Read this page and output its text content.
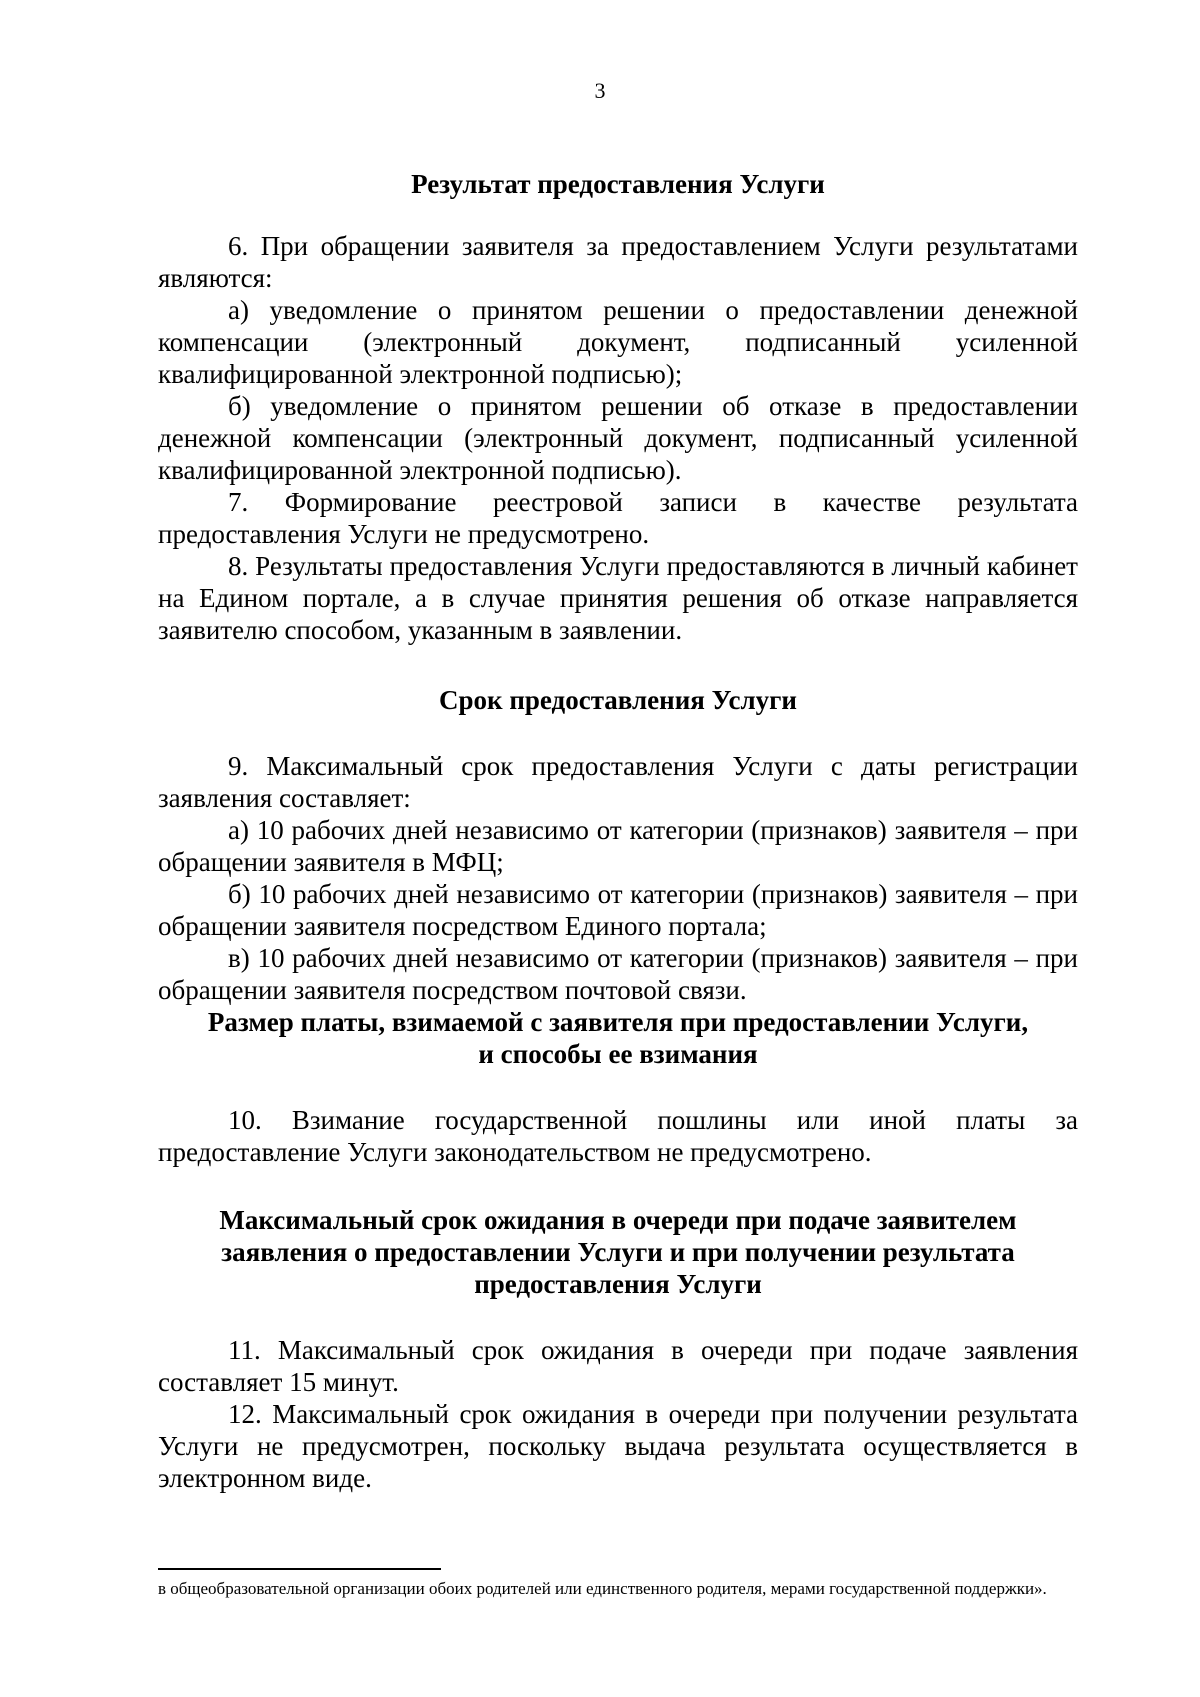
3
Результат предоставления Услуги

6. При обращении заявителя за предоставлением Услуги результатами являются:

а) уведомление о принятом решении о предоставлении денежной компенсации (электронный документ, подписанный усиленной квалифицированной электронной подписью);

б) уведомление о принятом решении об отказе в предоставлении денежной компенсации (электронный документ, подписанный усиленной квалифицированной электронной подписью).

7. Формирование реестровой записи в качестве результата предоставления Услуги не предусмотрено.

8. Результаты предоставления Услуги предоставляются в личный кабинет на Едином портале, а в случае принятия решения об отказе направляется заявителю способом, указанным в заявлении.

Срок предоставления Услуги

9. Максимальный срок предоставления Услуги с даты регистрации заявления составляет:

а) 10 рабочих дней независимо от категории (признаков) заявителя – при обращении заявителя в МФЦ;

б) 10 рабочих дней независимо от категории (признаков) заявителя – при обращении заявителя посредством Единого портала;

в) 10 рабочих дней независимо от категории (признаков) заявителя – при обращении заявителя посредством почтовой связи.

Размер платы, взимаемой с заявителя при предоставлении Услуги,
и способы ее взимания

10. Взимание государственной пошлины или иной платы за предоставление Услуги законодательством не предусмотрено.

Максимальный срок ожидания в очереди при подаче заявителем
заявления о предоставлении Услуги и при получении результата
предоставления Услуги

11. Максимальный срок ожидания в очереди при подаче заявления составляет 15 минут.

12. Максимальный срок ожидания в очереди при получении результата Услуги не предусмотрен, поскольку выдача результата осуществляется в электронном виде.

в общеобразовательной организации обоих родителей или единственного родителя, мерами государственной поддержки».
